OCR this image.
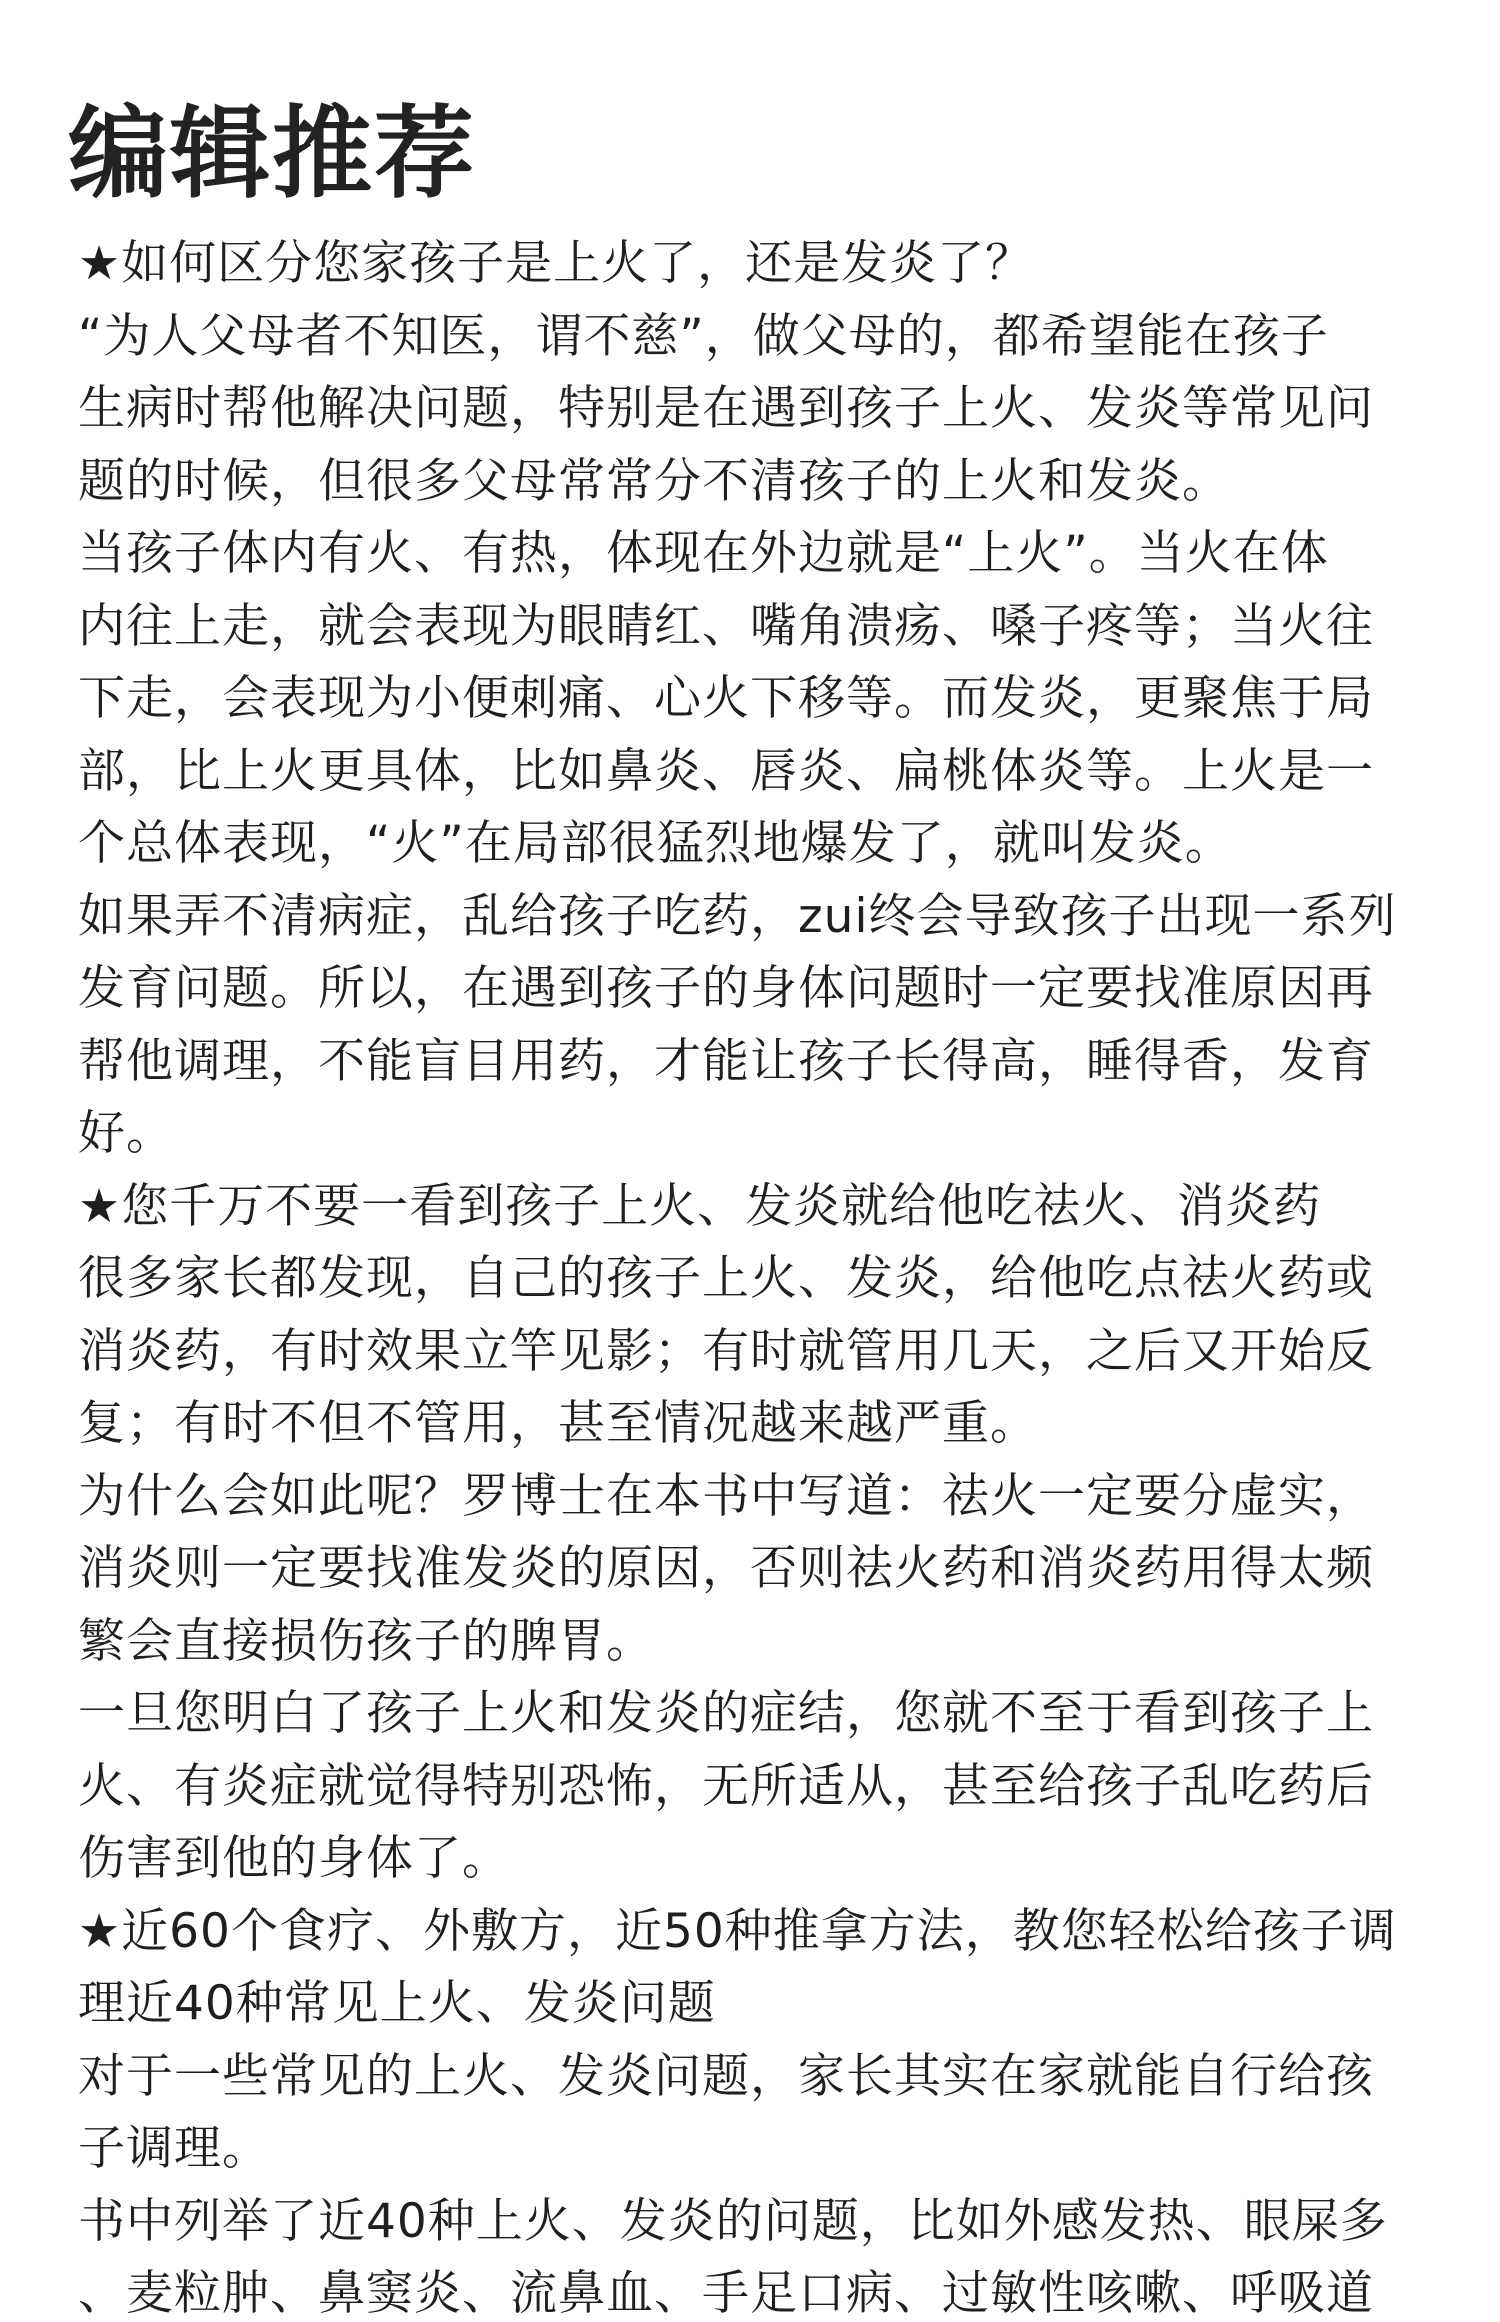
编辑推荐
★如何区分您家孩子是上火了，还是发炎了？
“为人父母者不知医，谓不慈”，做父母的，都希望能在孩子
生病时帮他解决问题，特别是在遇到孩子上火、发炎等常见问
题的时候，但很多父母常常分不清孩子的上火和发炎。
当孩子体内有火、有热，体现在外边就是“上火”。当火在体
内往上走，就会表现为眼睛红、嘴角溃疡、嗓子疼等；当火往
下走，会表现为小便刺痛、心火下移等。而发炎，更聚焦于局
部，比上火更具体，比如鼻炎、唇炎、扁桃体炎等。上火是一
个总体表现，“火”在局部很猛烈地爆发了，就叫发炎。
如果弄不清病症，乱给孩子吃药，zui终会导致孩子出现一系列
发育问题。所以，在遇到孩子的身体问题时一定要找准原因再
帮他调理，不能盲目用药，才能让孩子长得高，睡得香，发育
好。
★您千万不要一看到孩子上火、发炎就给他吃祛火、消炎药
很多家长都发现，自己的孩子上火、发炎，给他吃点祛火药或
消炎药，有时效果立竿见影；有时就管用几天，之后又开始反
复；有时不但不管用，甚至情况越来越严重。
为什么会如此呢？罗博士在本书中写道：祛火一定要分虚实，
消炎则一定要找准发炎的原因，否则祛火药和消炎药用得太频
繁会直接损伤孩子的脾胃。
一旦您明白了孩子上火和发炎的症结，您就不至于看到孩子上
火、有炎症就觉得特别恐怖，无所适从，甚至给孩子乱吃药后
伤害到他的身体了。
★近60个食疗、外敷方，近50种推拿方法，教您轻松给孩子调
理近40种常见上火、发炎问题
对于一些常见的上火、发炎问题，家长其实在家就能自行给孩
子调理。
书中列举了近40种上火、发炎的问题，比如外感发热、眼屎多
、麦粒肿、鼻窦炎、流鼻血、手足口病、过敏性咳嗽、呼吸道
